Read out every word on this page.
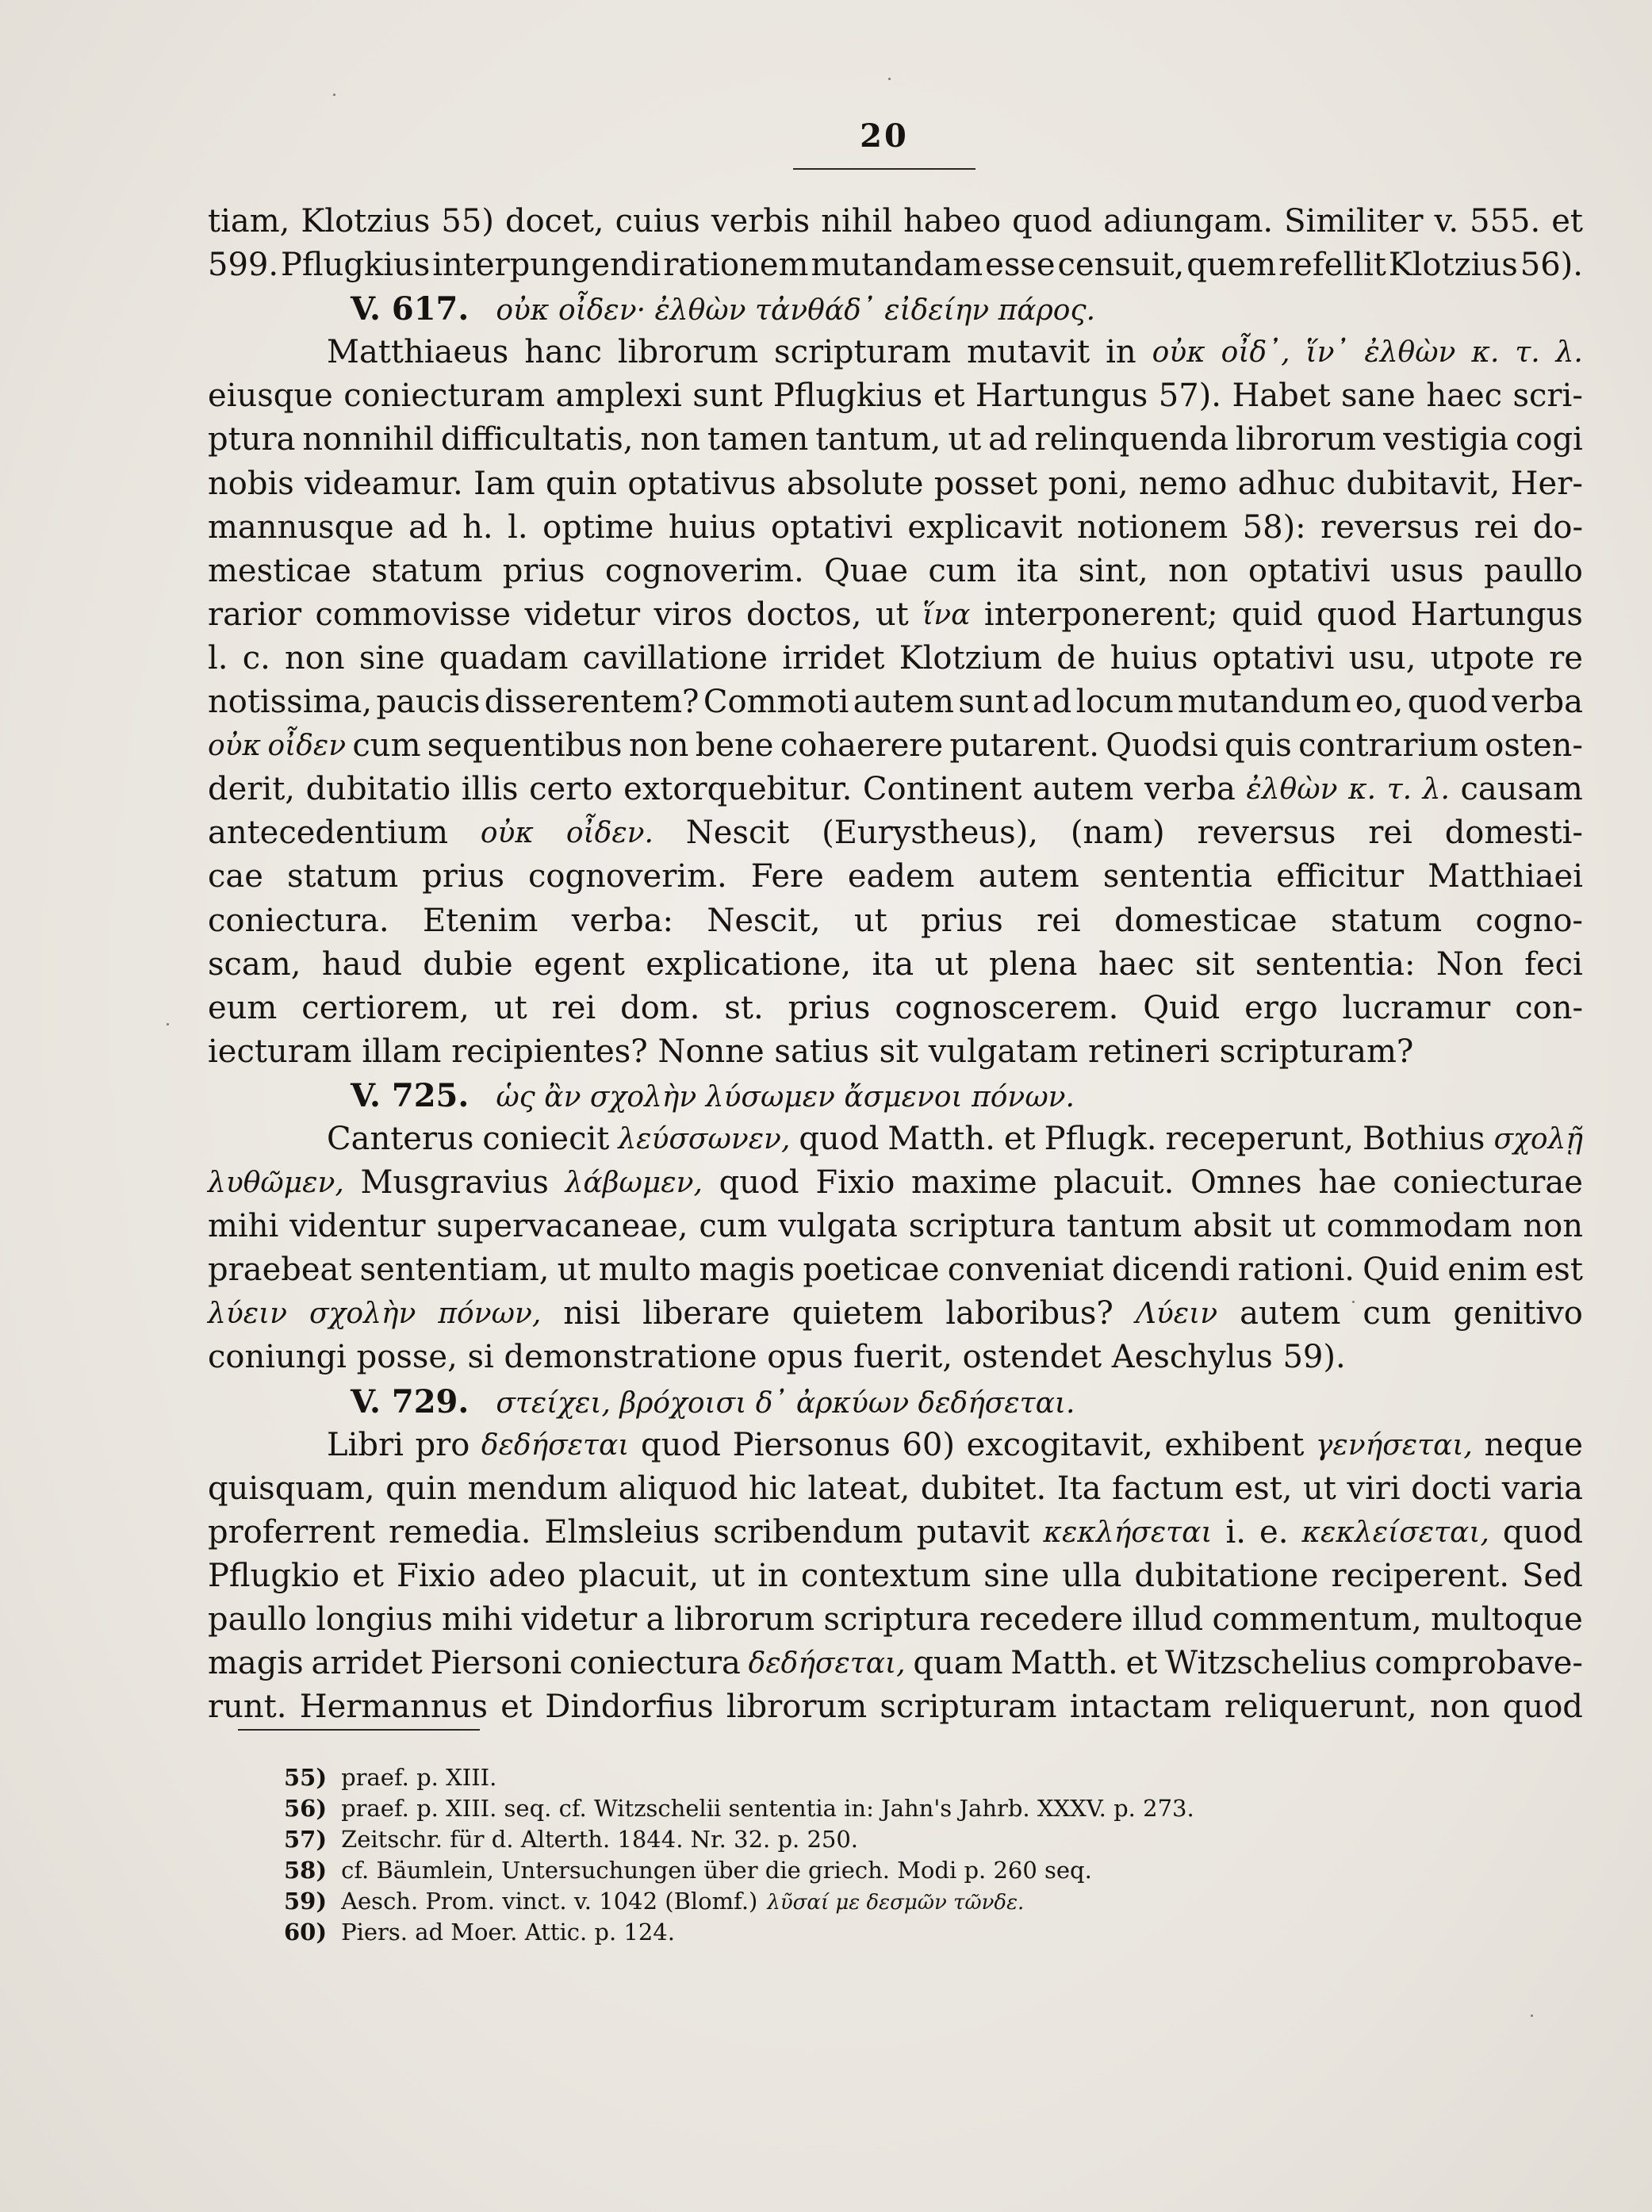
20
tiam, Klotzius 55) docet, cuius verbis nihil habeo quod adiungam. Similiter v. 555. et
599. Pflugkius interpungendi rationem mutandam esse censuit, quem refellit Klotzius 56).
V. 617. οὐκ οἶδεν· ἐλθὼν τἀνθάδ᾽ εἰδείην πάρος.
Matthiaeus hanc librorum scripturam mutavit in οὐκ οἶδ᾽, ἵν᾽ ἐλθὼν κ. τ. λ.
eiusque coniecturam amplexi sunt Pflugkius et Hartungus 57). Habet sane haec scri-
ptura nonnihil difficultatis, non tamen tantum, ut ad relinquenda librorum vestigia cogi
nobis videamur. Iam quin optativus absolute posset poni, nemo adhuc dubitavit, Her-
mannusque ad h. l. optime huius optativi explicavit notionem 58): reversus rei do-
mesticae statum prius cognoverim. Quae cum ita sint, non optativi usus paullo
rarior commovisse videtur viros doctos, ut ἵνα interponerent; quid quod Hartungus
l. c. non sine quadam cavillatione irridet Klotzium de huius optativi usu, utpote re
notissima, paucis disserentem? Commoti autem sunt ad locum mutandum eo, quod verba
οὐκ οἶδεν cum sequentibus non bene cohaerere putarent. Quodsi quis contrarium osten-
derit, dubitatio illis certo extorquebitur. Continent autem verba ἐλθὼν κ. τ. λ. causam
antecedentium οὐκ οἶδεν. Nescit (Eurystheus), (nam) reversus rei domesti-
cae statum prius cognoverim. Fere eadem autem sententia efficitur Matthiaei
coniectura. Etenim verba: Nescit, ut prius rei domesticae statum cogno-
scam, haud dubie egent explicatione, ita ut plena haec sit sententia: Non feci
eum certiorem, ut rei dom. st. prius cognoscerem. Quid ergo lucramur con-
iecturam illam recipientes? Nonne satius sit vulgatam retineri scripturam?
V. 725. ὡς ἂν σχολὴν λύσωμεν ἄσμενοι πόνων.
Canterus coniecit λεύσσωνεν, quod Matth. et Pflugk. receperunt, Bothius σχολῇ
λυθῶμεν, Musgravius λάβωμεν, quod Fixio maxime placuit. Omnes hae coniecturae
mihi videntur supervacaneae, cum vulgata scriptura tantum absit ut commodam non
praebeat sententiam, ut multo magis poeticae conveniat dicendi rationi. Quid enim est
λύειν σχολὴν πόνων, nisi liberare quietem laboribus? Λύειν autem cum genitivo
coniungi posse, si demonstratione opus fuerit, ostendet Aeschylus 59).
V. 729. στείχει, βρόχοισι δ᾽ ἀρκύων δεδήσεται.
Libri pro δεδήσεται quod Piersonus 60) excogitavit, exhibent γενήσεται, neque
quisquam, quin mendum aliquod hic lateat, dubitet. Ita factum est, ut viri docti varia
proferrent remedia. Elmsleius scribendum putavit κεκλήσεται i. e. κεκλείσεται, quod
Pflugkio et Fixio adeo placuit, ut in contextum sine ulla dubitatione reciperent. Sed
paullo longius mihi videtur a librorum scriptura recedere illud commentum, multoque
magis arridet Piersoni coniectura δεδήσεται, quam Matth. et Witzschelius comprobave-
runt. Hermannus et Dindorfius librorum scripturam intactam reliquerunt, non quod
55) praef. p. XIII.
56) praef. p. XIII. seq. cf. Witzschelii sententia in: Jahn's Jahrb. XXXV. p. 273.
57) Zeitschr. für d. Alterth. 1844. Nr. 32. p. 250.
58) cf. Bäumlein, Untersuchungen über die griech. Modi p. 260 seq.
59) Aesch. Prom. vinct. v. 1042 (Blomf.) λῦσαί με δεσμῶν τῶνδε.
60) Piers. ad Moer. Attic. p. 124.
